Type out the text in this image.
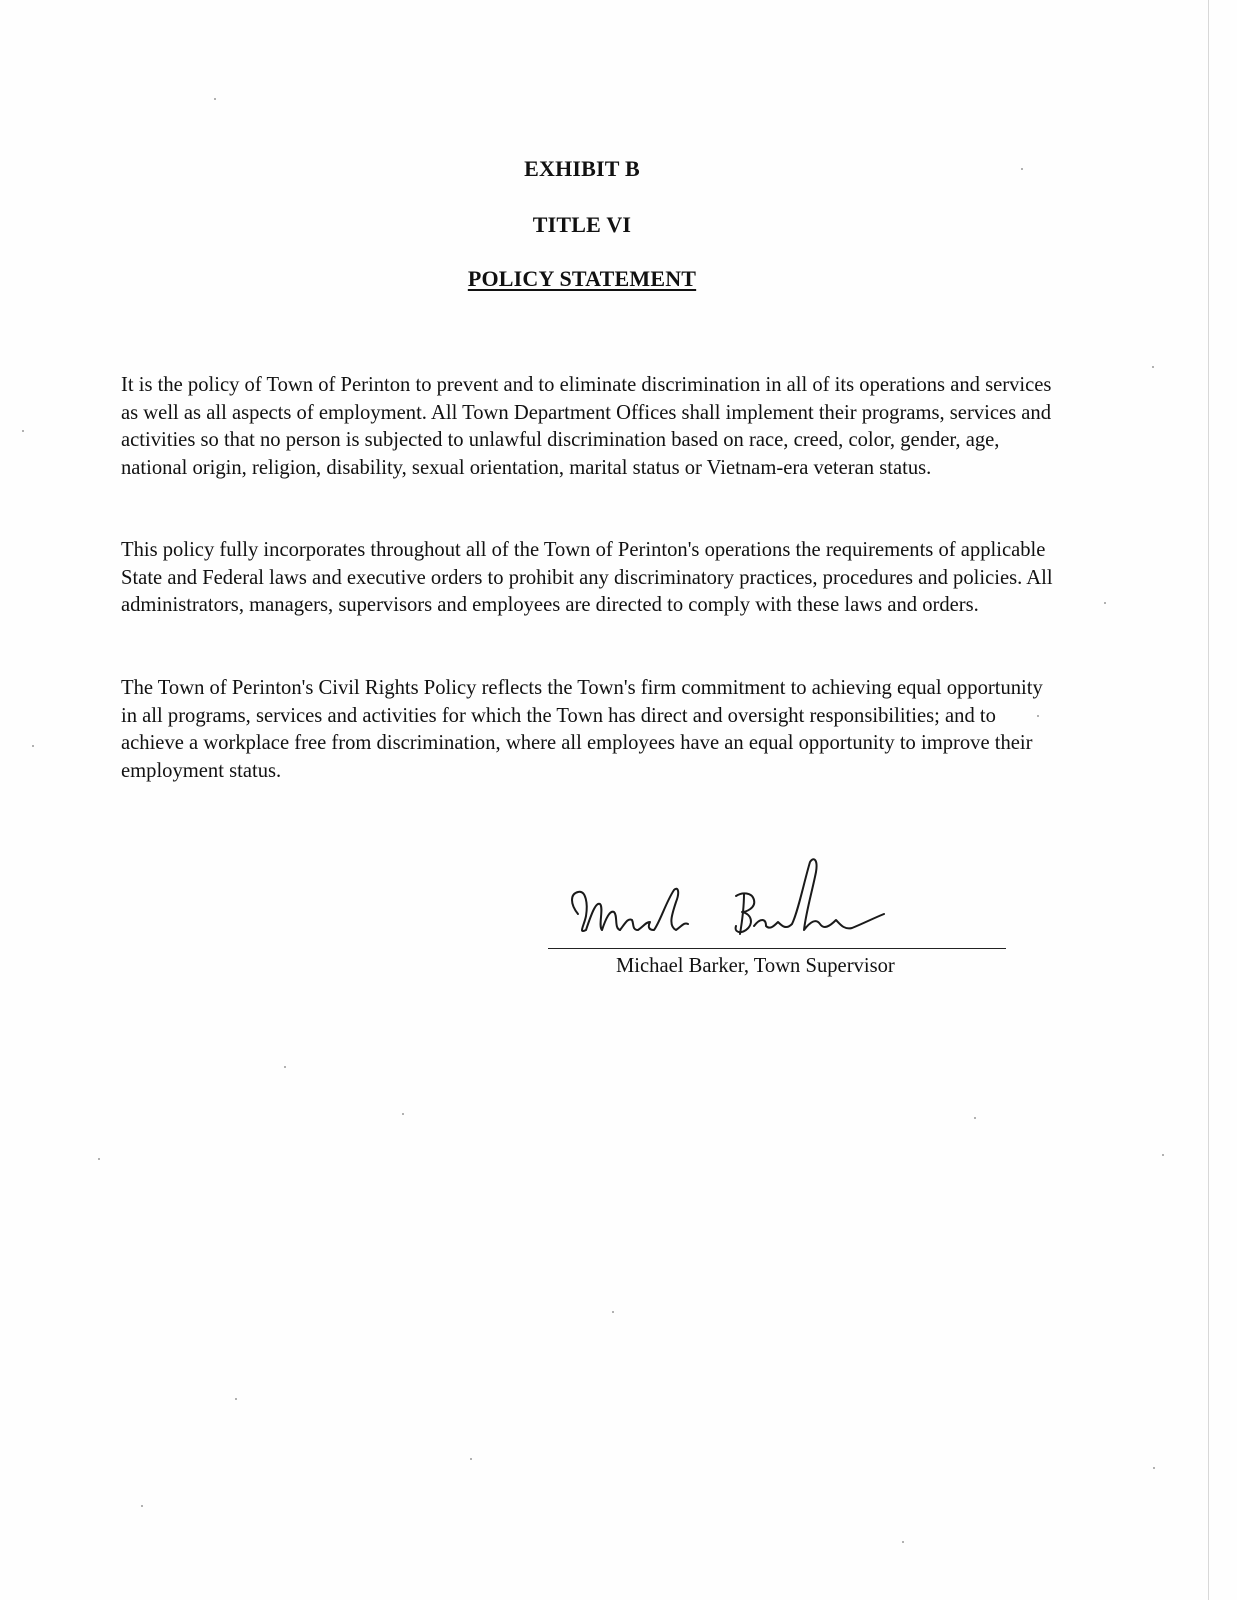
EXHIBIT B
TITLE VI
POLICY STATEMENT

It is the policy of Town of Perinton to prevent and to eliminate discrimination in all of its operations and services as well as all aspects of employment. All Town Department Offices shall implement their programs, services and activities so that no person is subjected to unlawful discrimination based on race, creed, color, gender, age, national origin, religion, disability, sexual orientation, marital status or Vietnam-era veteran status.

This policy fully incorporates throughout all of the Town of Perinton's operations the requirements of applicable State and Federal laws and executive orders to prohibit any discriminatory practices, procedures and policies. All administrators, managers, supervisors and employees are directed to comply with these laws and orders.

The Town of Perinton's Civil Rights Policy reflects the Town's firm commitment to achieving equal opportunity in all programs, services and activities for which the Town has direct and oversight responsibilities; and to achieve a workplace free from discrimination, where all employees have an equal opportunity to improve their employment status.

Michael Barker, Town Supervisor
